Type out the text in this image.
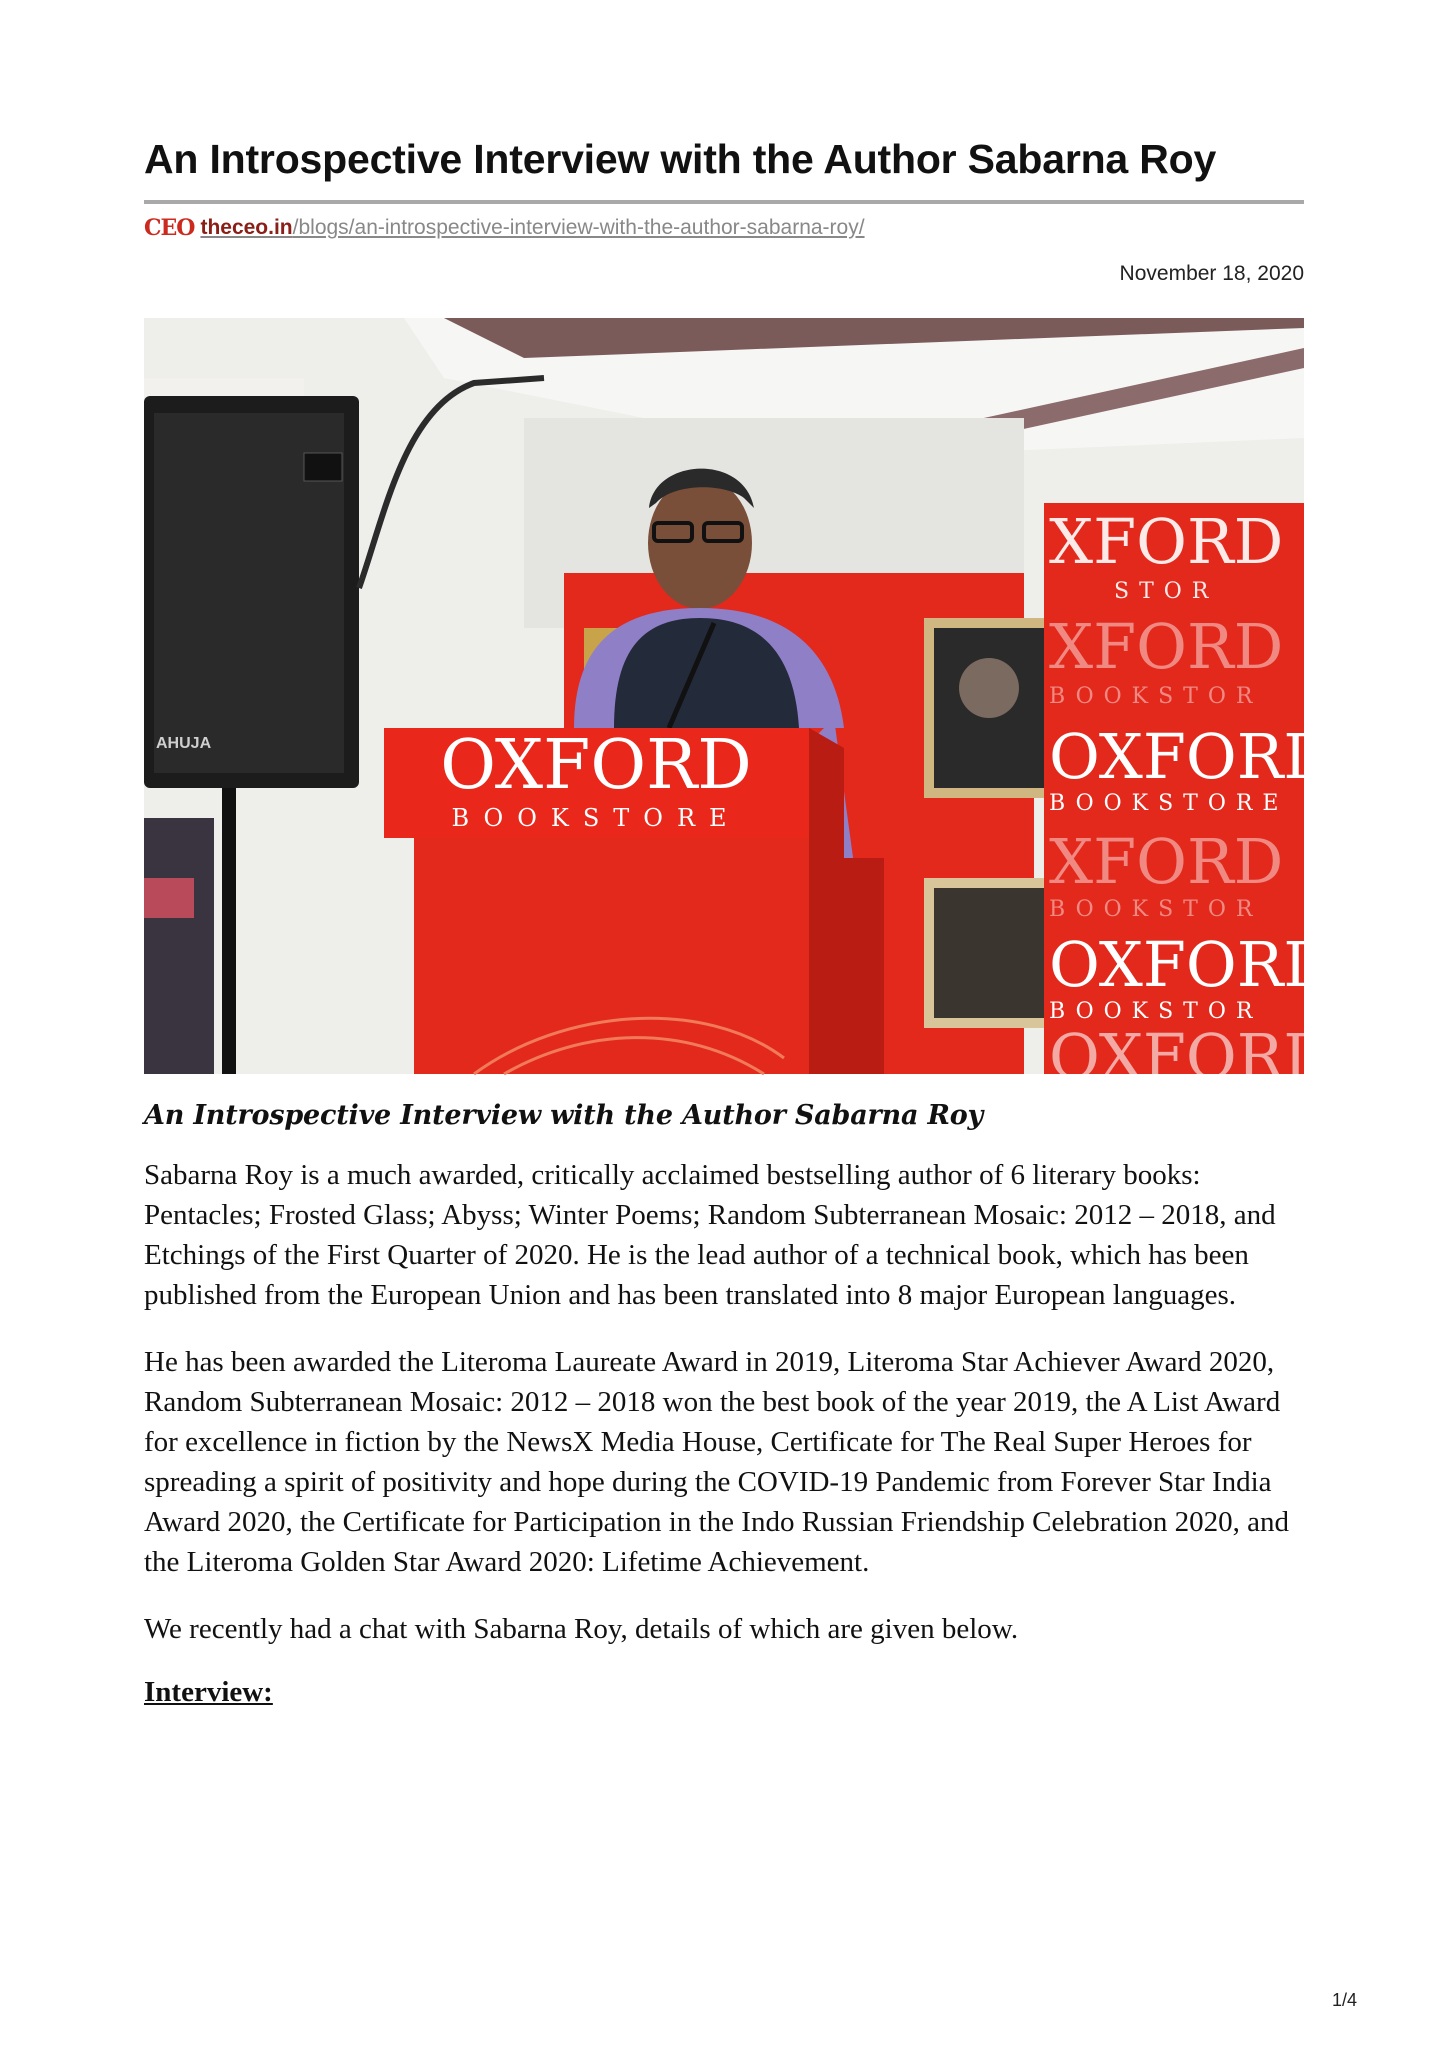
An Introspective Interview with the Author Sabarna Roy
CEO theceo.in/blogs/an-introspective-interview-with-the-author-sabarna-roy/
November 18, 2020
AHUJA
XFORD
STOR
XFORD
BOOKSTOR
OXFORD
BOOKSTORE
XFORD
BOOKSTOR
OXFORD
BOOKSTOR
OXFORD
OXFORD
BOOKSTORE

An Introspective Interview with the Author Sabarna Roy

Sabarna Roy is a much awarded, critically acclaimed bestselling author of 6 literary books: Pentacles; Frosted Glass; Abyss; Winter Poems; Random Subterranean Mosaic: 2012 – 2018, and Etchings of the First Quarter of 2020. He is the lead author of a technical book, which has been published from the European Union and has been translated into 8 major European languages.

He has been awarded the Literoma Laureate Award in 2019, Literoma Star Achiever Award 2020, Random Subterranean Mosaic: 2012 – 2018 won the best book of the year 2019, the A List Award for excellence in fiction by the NewsX Media House, Certificate for The Real Super Heroes for spreading a spirit of positivity and hope during the COVID-19 Pandemic from Forever Star India Award 2020, the Certificate for Participation in the Indo Russian Friendship Celebration 2020, and the Literoma Golden Star Award 2020: Lifetime Achievement.

We recently had a chat with Sabarna Roy, details of which are given below.

Interview:

1/4
